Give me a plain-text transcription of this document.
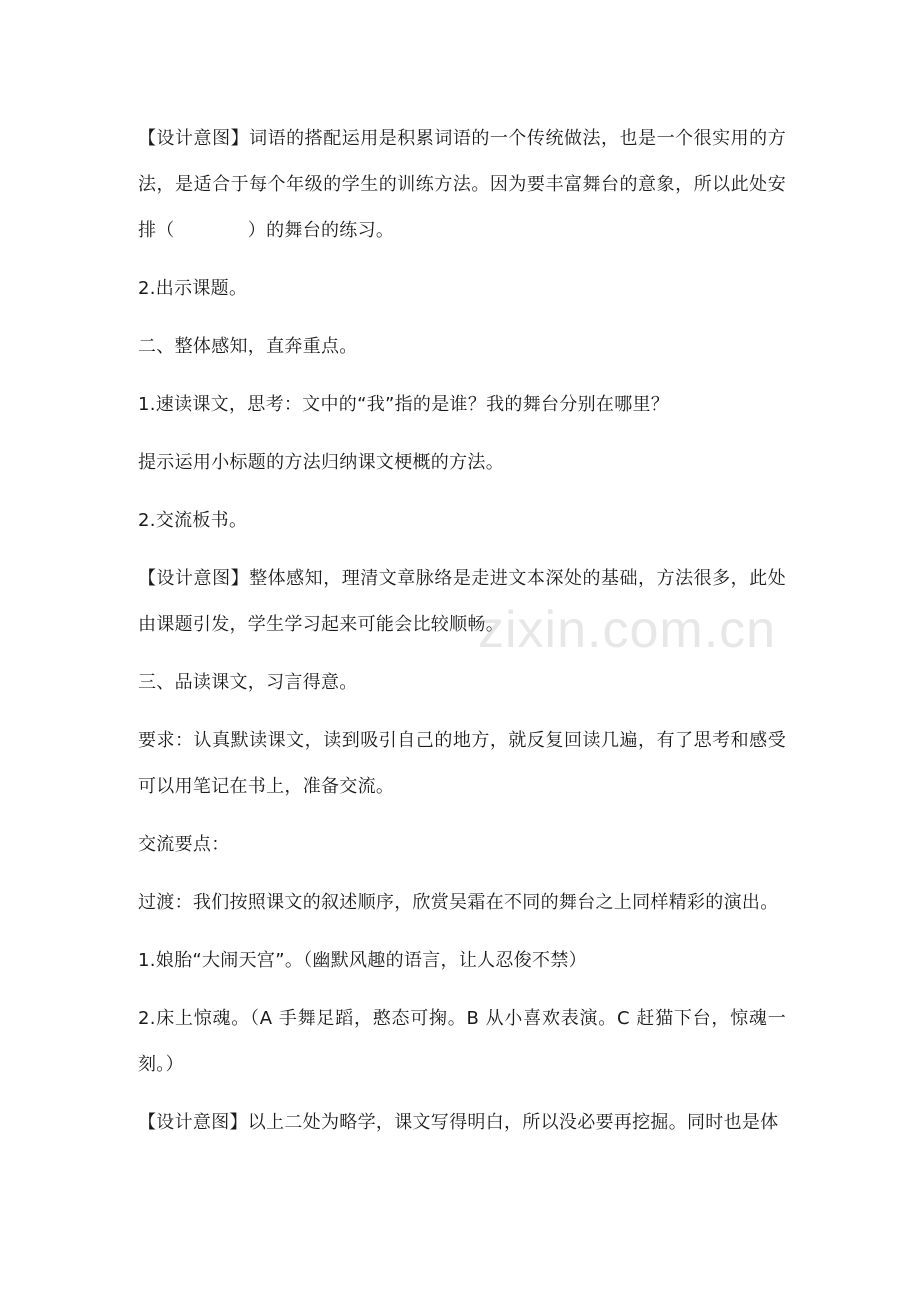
【设计意图】词语的搭配运用是积累词语的一个传统做法，也是一个很实用的方法，是适合于每个年级的学生的训练方法。因为要丰富舞台的意象，所以此处安排（　　　　）的舞台的练习。

2.出示课题。

二、整体感知，直奔重点。

1.速读课文，思考：文中的“我”指的是谁？我的舞台分别在哪里？

提示运用小标题的方法归纳课文梗概的方法。

2.交流板书。

【设计意图】整体感知，理清文章脉络是走进文本深处的基础，方法很多，此处由课题引发，学生学习起来可能会比较顺畅。

三、品读课文，习言得意。

要求：认真默读课文，读到吸引自己的地方，就反复回读几遍，有了思考和感受可以用笔记在书上，准备交流。

交流要点：

过渡：我们按照课文的叙述顺序，欣赏吴霜在不同的舞台之上同样精彩的演出。

1.娘胎“大闹天宫”。（幽默风趣的语言，让人忍俊不禁）

2.床上惊魂。（A 手舞足蹈，憨态可掬。B 从小喜欢表演。C 赶猫下台，惊魂一刻。）

【设计意图】以上二处为略学，课文写得明白，所以没必要再挖掘。同时也是体

zixin.com.cn
